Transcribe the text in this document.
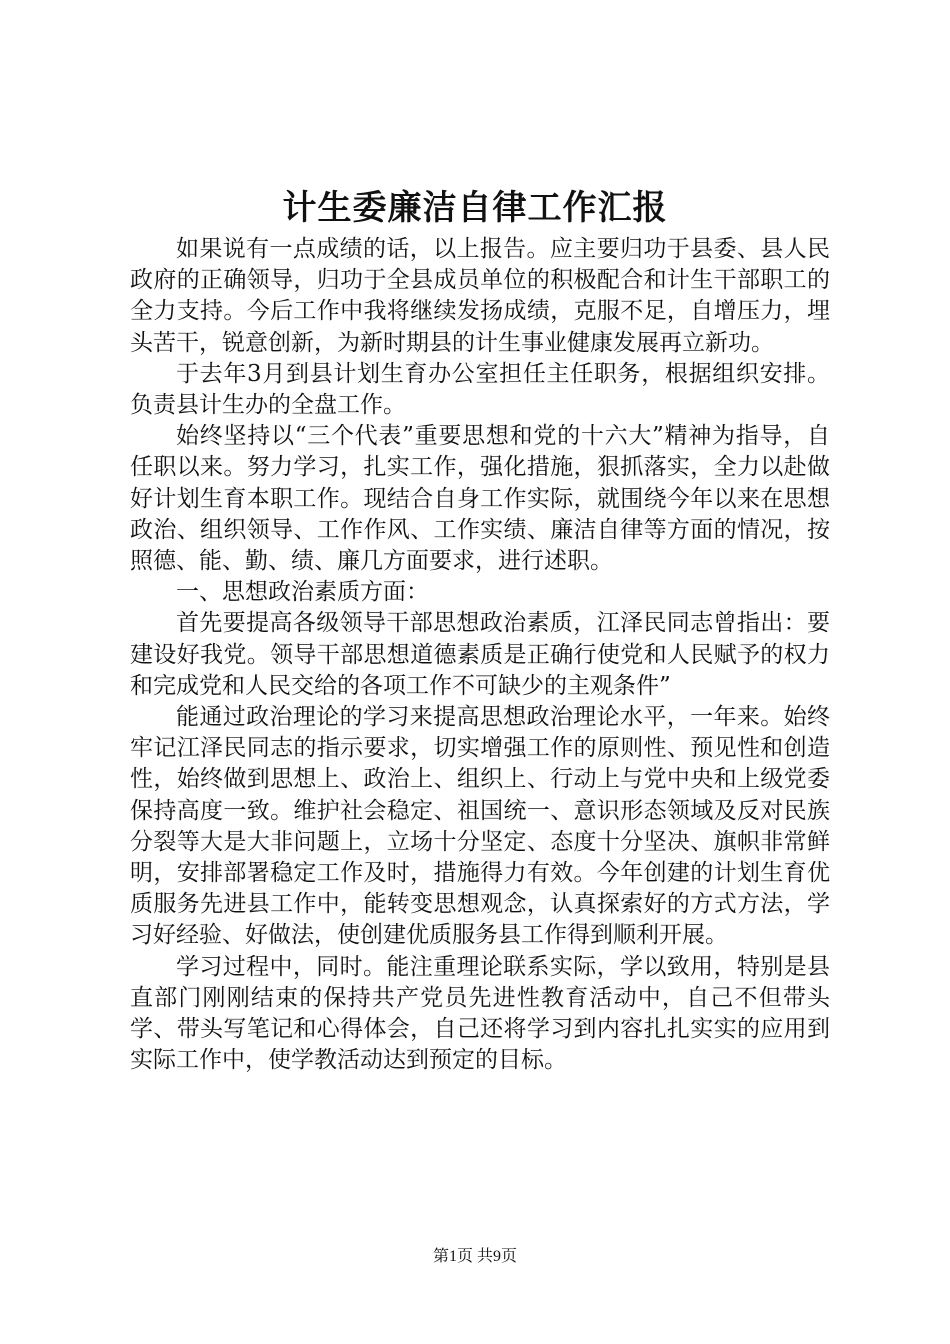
计生委廉洁自律工作汇报

如果说有一点成绩的话，以上报告。应主要归功于县委、县人民政府的正确领导，归功于全县成员单位的积极配合和计生干部职工的全力支持。今后工作中我将继续发扬成绩，克服不足，自增压力，埋头苦干，锐意创新，为新时期县的计生事业健康发展再立新功。

于去年3月到县计划生育办公室担任主任职务，根据组织安排。负责县计生办的全盘工作。

始终坚持以“三个代表”重要思想和党的十六大”精神为指导，自任职以来。努力学习，扎实工作，强化措施，狠抓落实，全力以赴做好计划生育本职工作。现结合自身工作实际，就围绕今年以来在思想政治、组织领导、工作作风、工作实绩、廉洁自律等方面的情况，按照德、能、勤、绩、廉几方面要求，进行述职。

一、思想政治素质方面：

首先要提高各级领导干部思想政治素质，江泽民同志曾指出：要建设好我党。领导干部思想道德素质是正确行使党和人民赋予的权力和完成党和人民交给的各项工作不可缺少的主观条件”

能通过政治理论的学习来提高思想政治理论水平，一年来。始终牢记江泽民同志的指示要求，切实增强工作的原则性、预见性和创造性，始终做到思想上、政治上、组织上、行动上与党中央和上级党委保持高度一致。维护社会稳定、祖国统一、意识形态领域及反对民族分裂等大是大非问题上，立场十分坚定、态度十分坚决、旗帜非常鲜明，安排部署稳定工作及时，措施得力有效。今年创建的计划生育优质服务先进县工作中，能转变思想观念，认真探索好的方式方法，学习好经验、好做法，使创建优质服务县工作得到顺利开展。

学习过程中，同时。能注重理论联系实际，学以致用，特别是县直部门刚刚结束的保持共产党员先进性教育活动中，自己不但带头学、带头写笔记和心得体会，自己还将学习到内容扎扎实实的应用到实际工作中，使学教活动达到预定的目标。

第1页 共9页
